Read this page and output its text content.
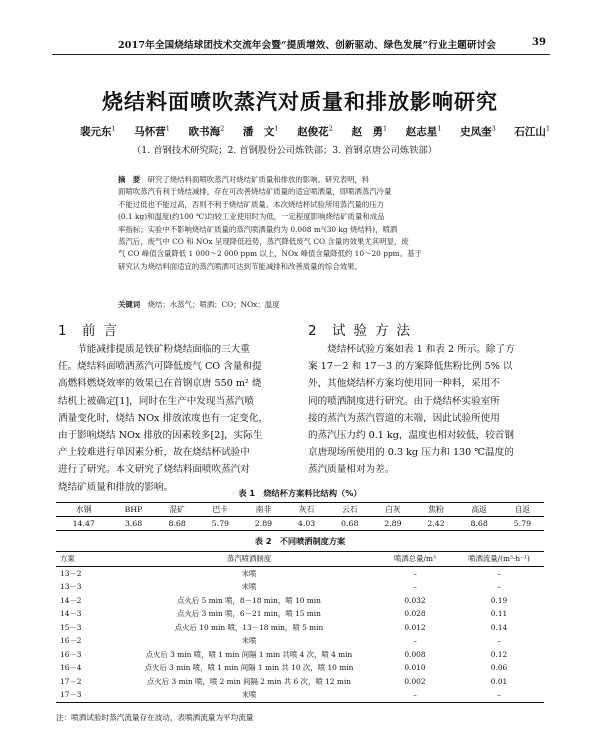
2017年全国烧结球团技术交流年会暨“提质增效、创新驱动、绿色发展”行业主题研讨会	39
烧结料面喷吹蒸汽对质量和排放影响研究
裴元东$^1$ 马怀营$^1$ 欧书海$^2$ 潘　文$^1$ 赵俊花$^2$ 赵　勇$^1$ 赵志星$^1$ 史凤奎$^3$ 石江山$^1$
（1. 首钢技术研究院；2. 首钢股份公司炼铁部；3. 首钢京唐公司炼铁部）
摘　要　 研究了烧结料面喷吹蒸汽对烧结矿质量和排放的影响。研究表明，料
面喷吹蒸汽有利于烧结减排，存在可改善烧结矿质量的适宜喷洒量，即喷洒蒸汽冷量
不能过低也不能过高，否则不利于烧结矿质量。本次烧结杯试验所用蒸汽量的压力
(0.1 kg)和温度(约100 ℃)均较工业使用时为低，一定程度影响烧结矿质量和成品
率指标；实验中不影响烧结矿质量的蒸汽喷洒量约为 0.008 m³(30 kg 烧结料)，喷洒
蒸汽后，废气中 CO 和 NOx 呈现降低趋势，蒸汽降低废气 CO 含量的效果尤其明显，废
气 CO 峰值含量降低 1 000～2 000 ppm 以上，NOx 峰值含量降低约 10～20 ppm。基于
研究认为烧结料面适宜的蒸汽喷洒可达到节能减排和改善质量的综合效果。
关键词　 烧结；水蒸气；喷洒；CO；NOx；温度
1 前言
节能减排提质是铁矿粉烧结面临的三大重
任。烧结料面喷洒蒸汽可降低废气 CO 含量和提
高燃料燃烧效率的效果已在首钢京唐 550 m² 烧
结机上被确定[1]，同时在生产中发现当蒸汽喷
洒量变化时，烧结 NOx 排放浓度也有一定变化，
由于影响烧结 NOx 排放的因素较多[2]，实际生
产上较难进行单因素分析，故在烧结杯试验中
进行了研究。本文研究了烧结料面喷吹蒸汽对
烧结矿质量和排放的影响。
2 试验方法
烧结杯试验方案如表 1 和表 2 所示。除了方
案 17－2 和 17－3 的方案降低焦粉比例 5% 以
外，其他烧结杯方案均使用同一种料，采用不
同的喷洒制度进行研究。由于烧结杯实验室所
接的蒸汽为蒸汽管道的末端，因此试验所使用
的蒸汽压力约 0.1 kg，温度也相对较低，较首钢
京唐现场所使用的 0.3 kg 压力和 130 ℃温度的
蒸汽质量相对为差。
表 1　烧结杯方案料比结构（%）
水钢	BHP	混矿	巴卡	南非	灰石	云石	白灰	焦粉	高返	自返
14.47	3.68	8.68	5.79	2.89	4.03	0.68	2.89	2.42	8.68	5.79
表 2　不同喷洒制度方案
方案	蒸汽喷洒制度	喷洒总量/m³	喷洒流量/(m³·h⁻¹)
13－2	未喷	–	–
13－3	未喷	–	–
14－2	点火后 5 min 喷，8－18 min，喷 10 min	0.032	0.19
14－3	点火后 3 min 喷，6－21 min，喷 15 min	0.028	0.11
15－3	点火后 10 min 喷，13－18 min，喷 5 min	0.012	0.14
16－2	未喷	–	–
16－3	点火后 3 min 喷，喷 1 min 间隔 1 min 共喷 4 次，喷 4 min	0.008	0.12
16－4	点火后 3 min 喷，喷 1 min 间隔 1 min 共 10 次，喷 10 min	0.010	0.06
17－2	点火后 3 min 喷，喷 2 min 间隔 2 min 共 6 次，喷 12 min	0.002	0.01
17－3	未喷	–	–
注：喷洒试验时蒸汽流量存在波动，表喷洒流量为平均流量
